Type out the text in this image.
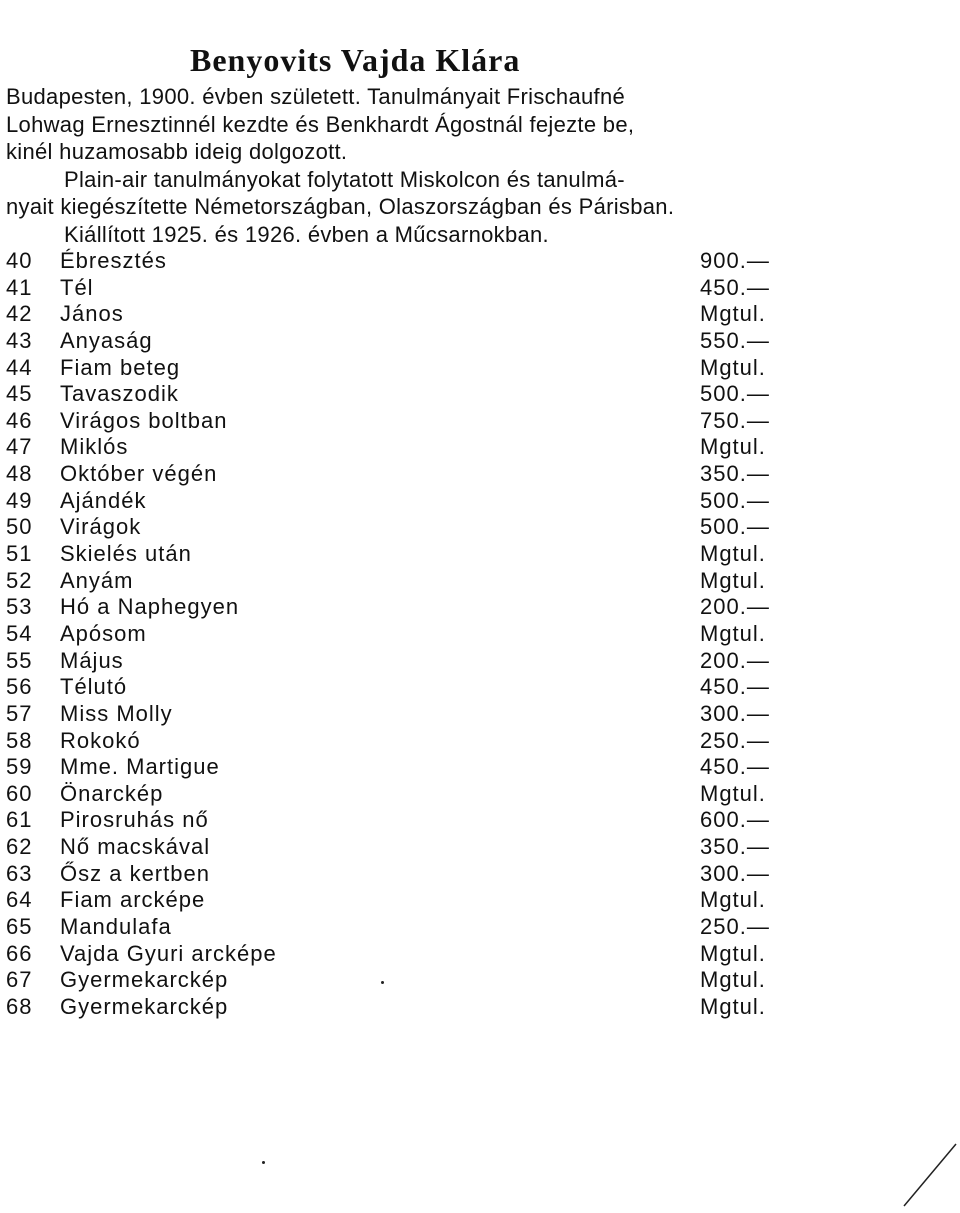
Benyovits Vajda Klára

Budapesten, 1900. évben született. Tanulmányait Frischaufné
Lohwag Ernesztinnél kezdte és Benkhardt Ágostnál fejezte be,
kinél huzamosabb ideig dolgozott.
Plain-air tanulmányokat folytatott Miskolcon és tanulmá-
nyait kiegészítette Németországban, Olaszországban és Párisban.
Kiállított 1925. és 1926. évben a Műcsarnokban.

40	Ébresztés	900.—
41	Tél	450.—
42	János	Mgtul.
43	Anyaság	550.—
44	Fiam beteg	Mgtul.
45	Tavaszodik	500.—
46	Virágos boltban	750.—
47	Miklós	Mgtul.
48	Október végén	350.—
49	Ajándék	500.—
50	Virágok	500.—
51	Skielés után	Mgtul.
52	Anyám	Mgtul.
53	Hó a Naphegyen	200.—
54	Apósom	Mgtul.
55	Május	200.—
56	Télutó	450.—
57	Miss Molly	300.—
58	Rokokó	250.—
59	Mme. Martigue	450.—
60	Önarckép	Mgtul.
61	Pirosruhás nő	600.—
62	Nő macskával	350.—
63	Ősz a kertben	300.—
64	Fiam arcképe	Mgtul.
65	Mandulafa	250.—
66	Vajda Gyuri arcképe	Mgtul.
67	Gyermekarckép	Mgtul.
68	Gyermekarckép	Mgtul.
